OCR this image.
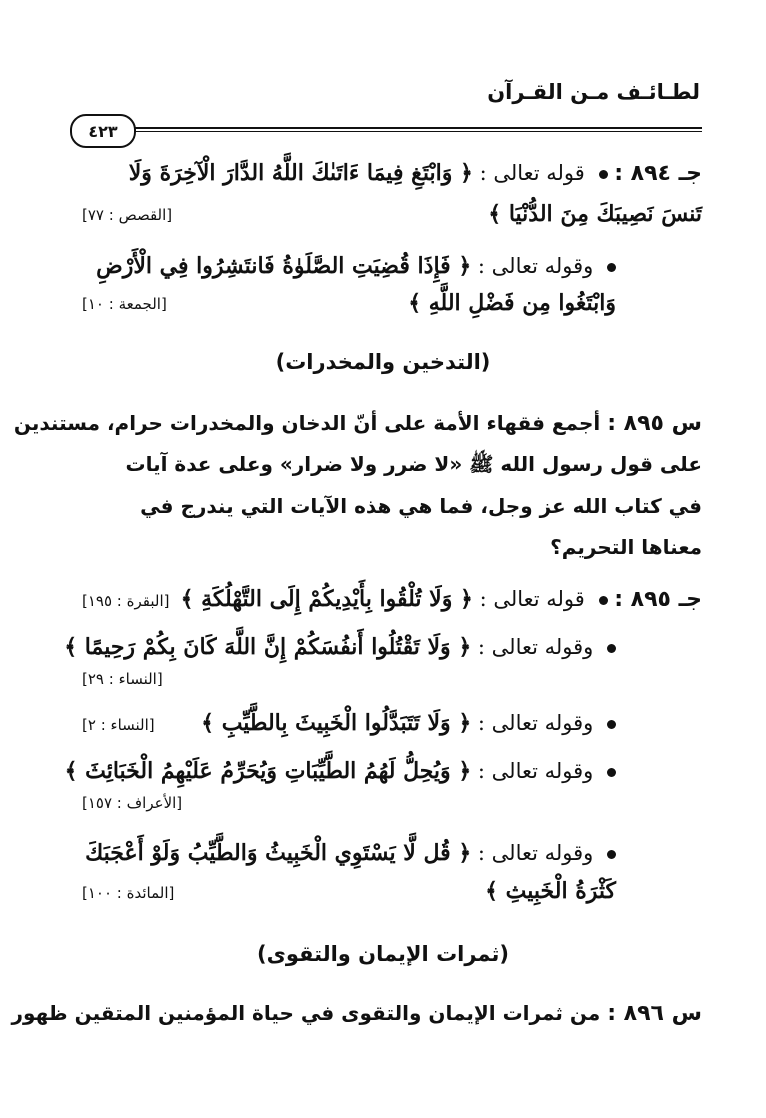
لطـائـف مـن القـرآن
٤٢٣
جـ ٨٩٤ :  قوله تعالى : ﴿ وَابْتَغِ فِيمَا ءَاتَىٰكَ اللَّهُ الدَّارَ الْآخِرَةَ وَلَا
تَنسَ نَصِيبَكَ مِنَ الدُّنْيَا ﴾
[القصص : ٧٧]
وقوله تعالى : ﴿ فَإِذَا قُضِيَتِ الصَّلَوٰةُ فَانتَشِرُوا فِي الْأَرْضِ
وَابْتَغُوا مِن فَضْلِ اللَّهِ ﴾
[الجمعة : ١٠]
(التدخين والمخدرات)
س ٨٩٥ : أجمع فقهاء الأمة على أنّ الدخان والمخدرات حرام، مستندين
على قول رسول الله ﷺ «لا ضرر ولا ضرار» وعلى عدة آيات
في كتاب الله عز وجل، فما هي هذه الآيات التي يندرج في
معناها التحريم؟
جـ ٨٩٥ :  قوله تعالى : ﴿ وَلَا تُلْقُوا بِأَيْدِيكُمْ إِلَى التَّهْلُكَةِ ﴾
[البقرة : ١٩٥]
وقوله تعالى : ﴿ وَلَا تَقْتُلُوا أَنفُسَكُمْ إِنَّ اللَّهَ كَانَ بِكُمْ رَحِيمًا ﴾
[النساء : ٢٩]
وقوله تعالى : ﴿ وَلَا تَتَبَدَّلُوا الْخَبِيثَ بِالطَّيِّبِ ﴾
[النساء : ٢]
وقوله تعالى : ﴿ وَيُحِلُّ لَهُمُ الطَّيِّبَاتِ وَيُحَرِّمُ عَلَيْهِمُ الْخَبَائِثَ ﴾
[الأعراف : ١٥٧]
وقوله تعالى : ﴿ قُل لَّا يَسْتَوِي الْخَبِيثُ وَالطَّيِّبُ وَلَوْ أَعْجَبَكَ
كَثْرَةُ الْخَبِيثِ ﴾
[المائدة : ١٠٠]
(ثمرات الإيمان والتقوى)
س ٨٩٦ : من ثمرات الإيمان والتقوى في حياة المؤمنين المتقين ظهور
